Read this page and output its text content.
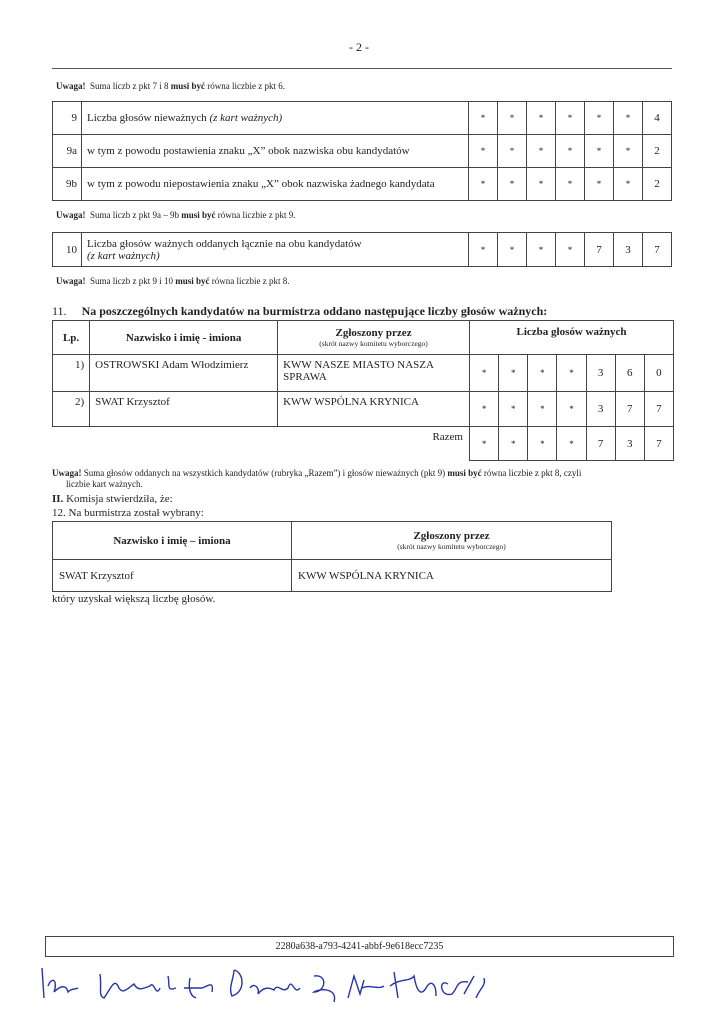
- 2 -
Uwaga! Suma liczb z pkt 7 i 8 musi być równa liczbie z pkt 6.
9	Liczba głosów nieważnych (z kart ważnych)	*	*	*	*	*	*	4
9a	w tym z powodu postawienia znaku „X” obok nazwiska obu kandydatów	*	*	*	*	*	*	2
9b	w tym z powodu niepostawienia znaku „X” obok nazwiska żadnego kandydata	*	*	*	*	*	*	2
Uwaga! Suma liczb z pkt 9a – 9b musi być równa liczbie z pkt 9.
10	Liczba głosów ważnych oddanych łącznie na obu kandydatów
(z kart ważnych)	*	*	*	*	7	3	7
Uwaga! Suma liczb z pkt 9 i 10 musi być równa liczbie z pkt 8.
11. Na poszczególnych kandydatów na burmistrza oddano następujące liczby głosów ważnych:
Lp.	Nazwisko i imię - imiona	Zgłoszony przez
(skrót nazwy komitetu wyborczego)	Liczba głosów ważnych						
1)	OSTROWSKI Adam Włodzimierz	KWW NASZE MIASTO NASZA SPRAWA	*	*	*	*	3	6	0
2)	SWAT Krzysztof	KWW WSPÓLNA KRYNICA	*	*	*	*	3	7	7
Razem			*	*	*	*	7	3	7
Uwaga! Suma głosów oddanych na wszystkich kandydatów (rubryka „Razem”) i głosów nieważnych (pkt 9) musi być równa liczbie z pkt 8, czyli
liczbie kart ważnych.
II. Komisja stwierdziła, że:
12. Na burmistrza został wybrany:
Nazwisko i imię – imiona	Zgłoszony przez
(skrót nazwy komitetu wyborczego)

SWAT Krzysztof	KWW WSPÓLNA KRYNICA
który uzyskał większą liczbę głosów.
2280a638-a793-4241-abbf-9e618ecc7235
